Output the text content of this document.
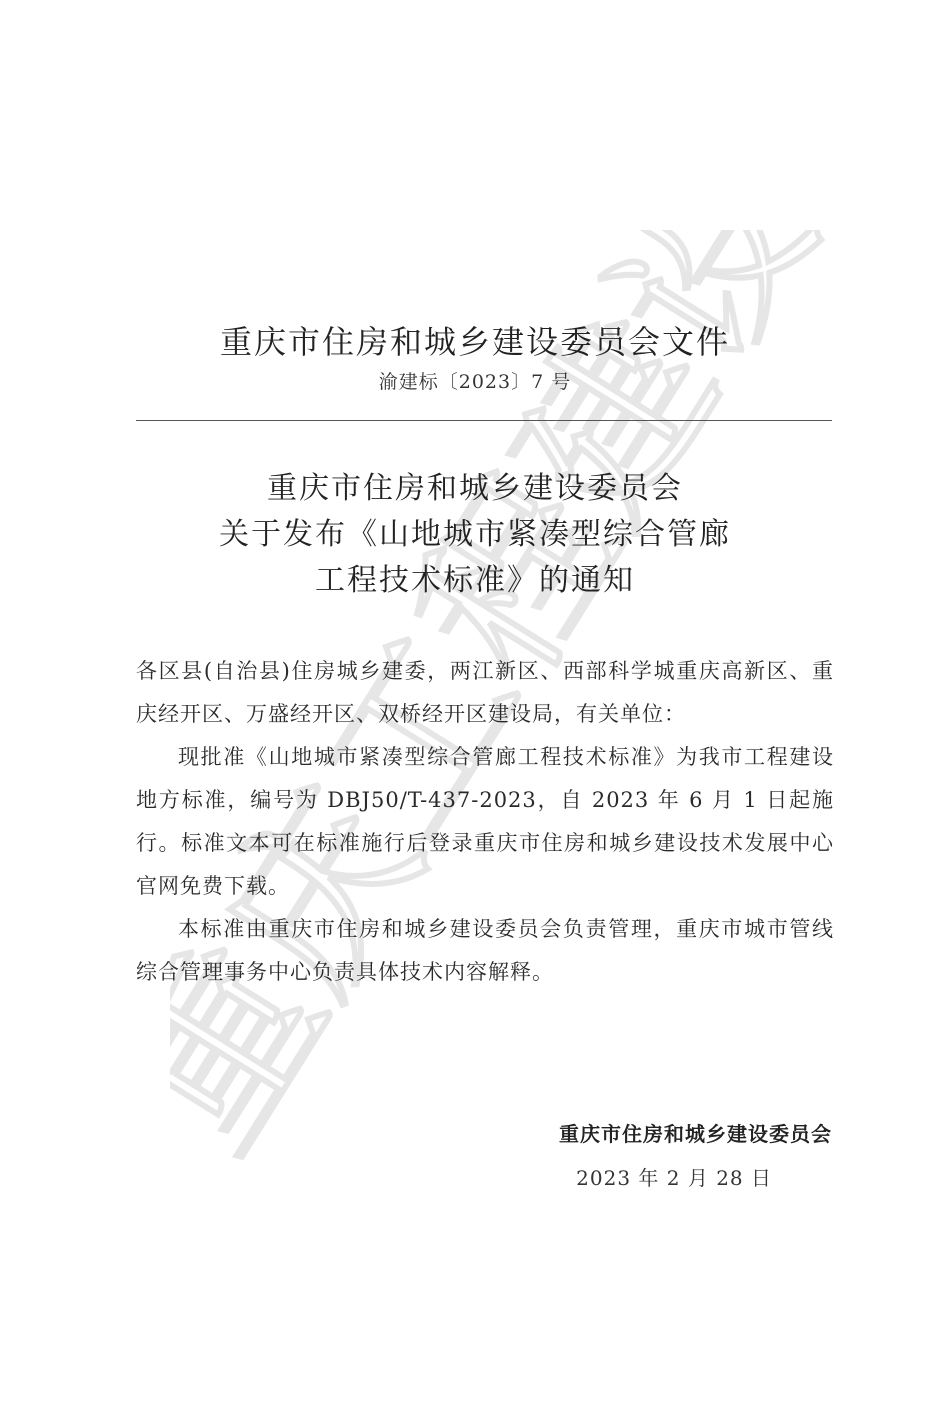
重庆工程建设
重庆市住房和城乡建设委员会文件
渝建标〔2023〕7 号
重庆市住房和城乡建设委员会
关于发布《山地城市紧凑型综合管廊
工程技术标准》的通知

各区县(自治县)住房城乡建委，两江新区、西部科学城重庆高新区、重庆经开区、万盛经开区、双桥经开区建设局，有关单位：

现批准《山地城市紧凑型综合管廊工程技术标准》为我市工程建设地方标准，编号为 DBJ50/T-437-2023，自 2023 年 6 月 1 日起施行。标准文本可在标准施行后登录重庆市住房和城乡建设技术发展中心官网免费下载。

本标准由重庆市住房和城乡建设委员会负责管理，重庆市城市管线综合管理事务中心负责具体技术内容解释。

重庆市住房和城乡建设委员会
2023 年 2 月 28 日
